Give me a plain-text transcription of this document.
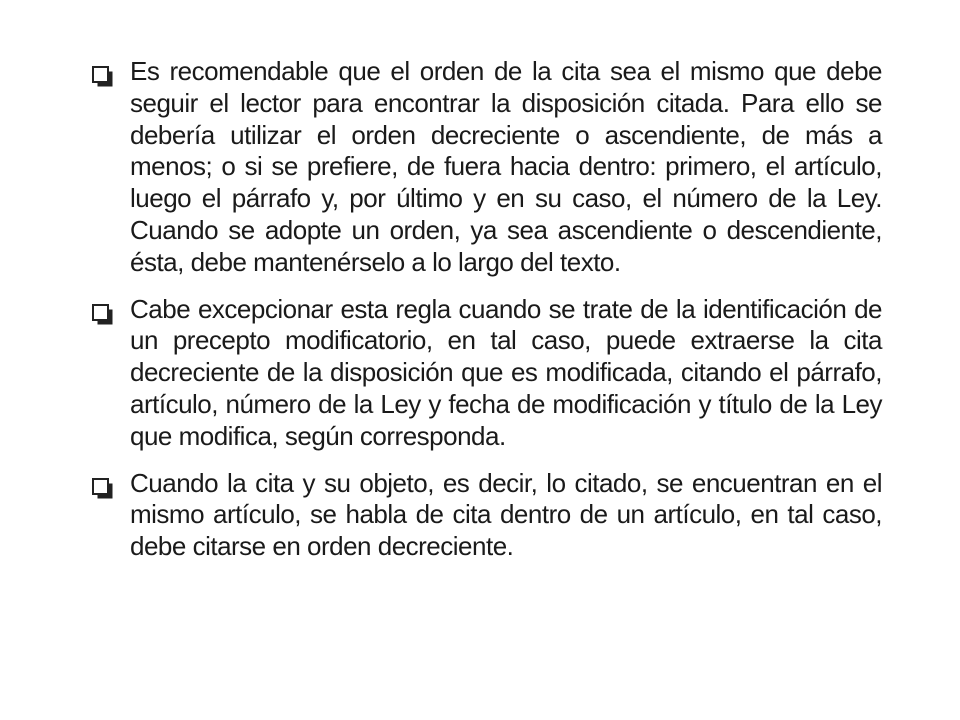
Es recomendable que el orden de la cita sea el mismo que debe seguir el lector para encontrar la disposición citada. Para ello se debería utilizar el orden decreciente o ascendiente, de más a menos; o si se prefiere, de fuera hacia dentro: primero, el artículo, luego el párrafo y, por último y en su caso, el número de la Ley. Cuando se adopte un orden, ya sea ascendiente o descendiente, ésta, debe mantenérselo a lo largo del texto.

Cabe excepcionar esta regla cuando se trate de la identificación de un precepto modificatorio, en tal caso, puede extraerse la cita decreciente de la disposición que es modificada, citando el párrafo, artículo, número de la Ley y fecha de modificación y título de la Ley que modifica, según corresponda.

Cuando la cita y su objeto, es decir, lo citado, se encuentran en el mismo artículo, se habla de cita dentro de un artículo, en tal caso, debe citarse en orden decreciente.
